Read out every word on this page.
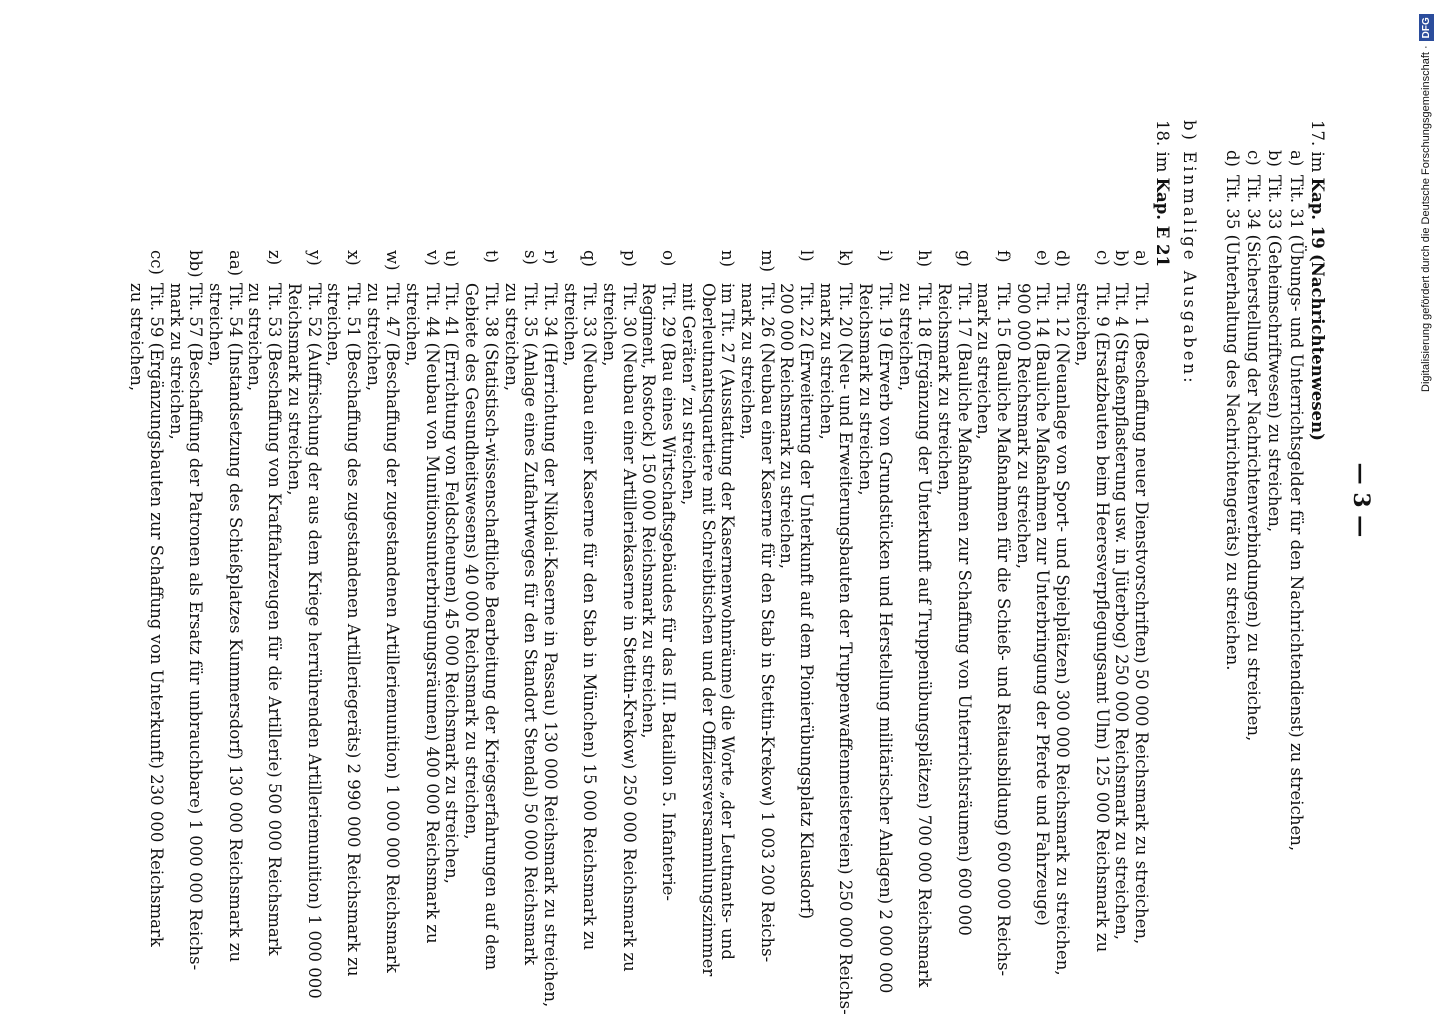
— 3 —
17. im Kap. 19 (Nachrichtenwesen)
a)
Tit. 31 (Übungs- und Unterrichtsgelder für den Nachrichtendienst) zu streichen,
b)
Tit. 33 (Geheimschriftwesen) zu streichen,
c)
Tit. 34 (Sicherstellung der Nachrichtenverbindungen) zu streichen,
d)
Tit. 35 (Unterhaltung des Nachrichtengeräts) zu streichen.
b) Einmalige Ausgaben:
18. im Kap. E 21
a)
Tit. 1 (Beschaffung neuer Dienstvorschriften) 50 000 Reichsmark zu streichen,
b)
Tit. 4 (Straßenpflasterung usw. in Jüterbog) 250 000 Reichsmark zu streichen,
c)
Tit. 9 (Ersatzbauten beim Heeresverpflegungsamt Ulm) 125 000 Reichsmark zu
streichen,
d)
Tit. 12 (Neuanlage von Sport- und Spielplätzen) 300 000 Reichsmark zu streichen,
e)
Tit. 14 (Bauliche Maßnahmen zur Unterbringung der Pferde und Fahrzeuge)
900 000 Reichsmark zu streichen,
f)
Tit. 15 (Bauliche Maßnahmen für die Schieß- und Reitausbildung) 600 000 Reichs-
mark zu streichen,
g)
Tit. 17 (Bauliche Maßnahmen zur Schaffung von Unterrichtsräumen) 600 000
Reichsmark zu streichen,
h)
Tit. 18 (Ergänzung der Unterkunft auf Truppenübungsplätzen) 700 000 Reichsmark
zu streichen,
i)
Tit. 19 (Erwerb von Grundstücken und Herstellung militärischer Anlagen) 2 000 000
Reichsmark zu streichen,
k)
Tit. 20 (Neu- und Erweiterungsbauten der Truppenwaffenmeistereien) 250 000 Reichs-
mark zu streichen,
l)
Tit. 22 (Erweiterung der Unterkunft auf dem Pionierübungsplatz Klausdorf)
200 000 Reichsmark zu streichen,
m)
Tit. 26 (Neubau einer Kaserne für den Stab in Stettin-Krekow) 1 003 200 Reichs-
mark zu streichen,
n)
im Tit. 27 (Ausstattung der Kasernenwohnräume) die Worte „der Leutnants- und
Oberleutnantsquartiere mit Schreibtischen und der Offiziersversammlungszimmer
mit Geräten“ zu streichen,
o)
Tit. 29 (Bau eines Wirtschaftsgebäudes für das III. Bataillon 5. Infanterie-
Regiment, Rostock) 150 000 Reichsmark zu streichen,
p)
Tit. 30 (Neubau einer Artilleriekaserne in Stettin-Krekow) 250 000 Reichsmark zu
streichen,
q)
Tit. 33 (Neubau einer Kaserne für den Stab in München) 15 000 Reichsmark zu
streichen,
r)
Tit. 34 (Herrichtung der Nikolai-Kaserne in Passau) 130 000 Reichsmark zu streichen,
s)
Tit. 35 (Anlage eines Zufahrtweges für den Standort Stendal) 50 000 Reichsmark
zu streichen,
t)
Tit. 38 (Statistisch-wissenschaftliche Bearbeitung der Kriegserfahrungen auf dem
Gebiete des Gesundheitswesens) 40 000 Reichsmark zu streichen,
u)
Tit. 41 (Errichtung von Feldscheunen) 45 000 Reichsmark zu streichen,
v)
Tit. 44 (Neubau von Munitionsunterbringungsräumen) 400 000 Reichsmark zu
streichen,
w)
Tit. 47 (Beschaffung der zugestandenen Artilleriemunition) 1 000 000 Reichsmark
zu streichen,
x)
Tit. 51 (Beschaffung des zugestandenen Artilleriegeräts) 2 990 000 Reichsmark zu
streichen,
y)
Tit. 52 (Auffrischung der aus dem Kriege herrührenden Artilleriemunition) 1 000 000
Reichsmark zu streichen,
z)
Tit. 53 (Beschaffung von Kraftfahrzeugen für die Artillerie) 500 000 Reichsmark
zu streichen,
aa)
Tit. 54 (Instandsetzung des Schießplatzes Kummersdorf) 130 000 Reichsmark zu
streichen,
bb)
Tit. 57 (Beschaffung der Patronen als Ersatz für unbrauchbare) 1 000 000 Reichs-
mark zu streichen,
cc)
Tit. 59 (Ergänzungsbauten zur Schaffung von Unterkunft) 230 000 Reichsmark
zu streichen,	Digitalisierung gefördert durch die Deutsche Forschungsgemeinschaft ·DFG
